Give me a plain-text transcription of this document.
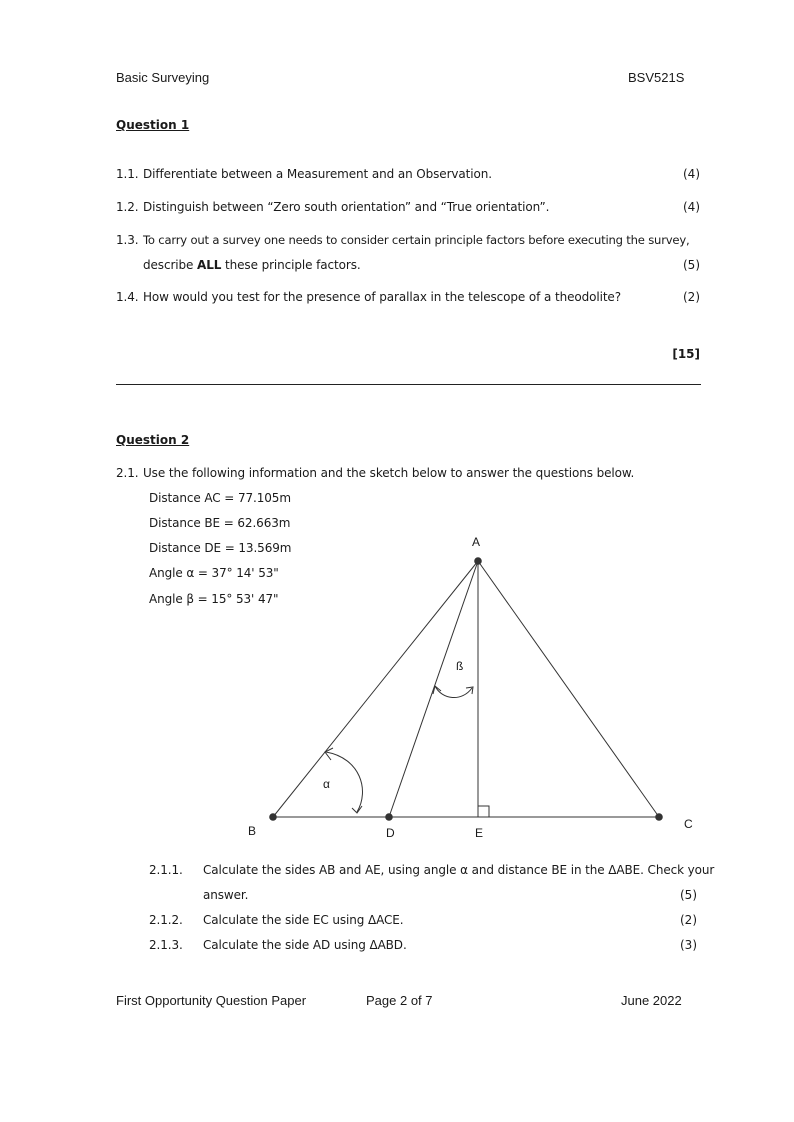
Basic Surveying	BSV521S
Question 1
1.1. Differentiate between a Measurement and an Observation.	(4)
1.2. Distinguish between “Zero south orientation” and “True orientation”.	(4)
1.3. To carry out a survey one needs to consider certain principle factors before executing the survey,
describe ALL these principle factors.	(5)
1.4. How would you test for the presence of parallax in the telescope of a theodolite?	(2)
[15]
Question 2
2.1. Use the following information and the sketch below to answer the questions below.
Distance AC = 77.105m
Distance BE = 62.663m
Distance DE = 13.569m
Angle α = 37° 14' 53"
Angle β = 15° 53' 47"
A
B	D	E
C
α
ß
2.1.1. Calculate the sides AB and AE, using angle α and distance BE in the ΔABE. Check your
answer.	(5)
2.1.2. Calculate the side EC using ΔACE.	(2)
2.1.3. Calculate the side AD using ΔABD.	(3)
First Opportunity Question Paper	Page 2 of 7	June 2022
